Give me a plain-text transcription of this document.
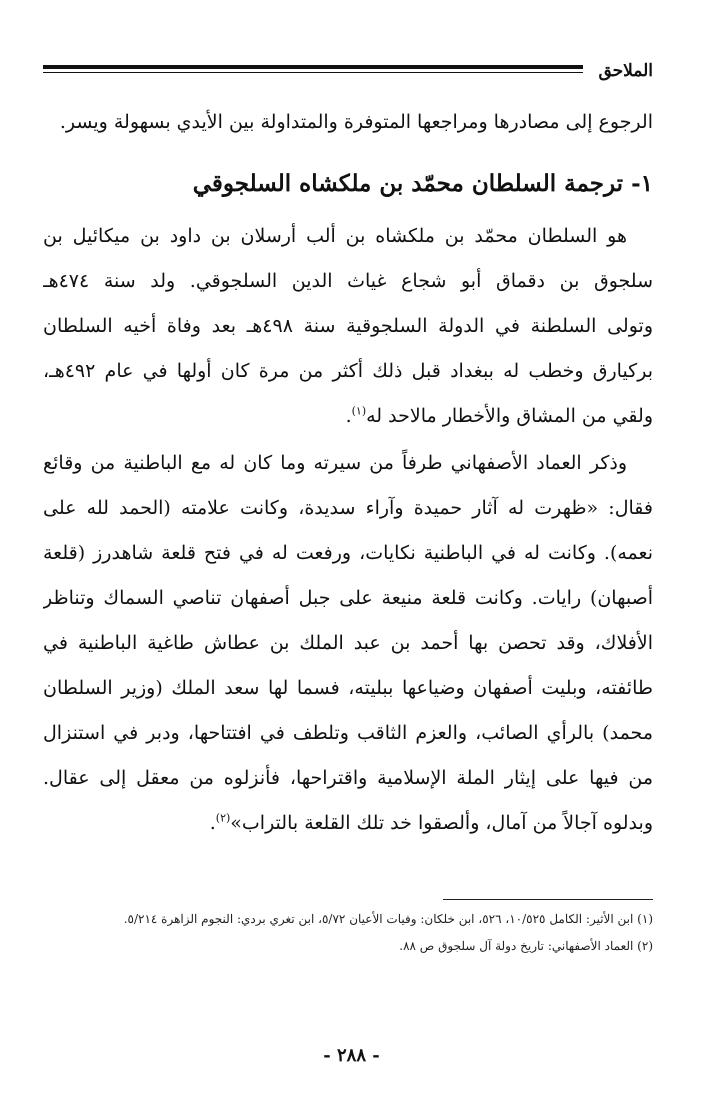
الملاحق
الرجوع إلى مصادرها ومراجعها المتوفرة والمتداولة بين الأيدي بسهولة ويسر.
١- ترجمة السلطان محمّد بن ملكشاه السلجوقي
هو السلطان محمّد بن ملكشاه بن ألب أرسلان بن داود بن ميكائيل بن
سلجوق بن دقماق أبو شجاع غياث الدين السلجوقي. ولد سنة ٤٧٤هـ
وتولى السلطنة في الدولة السلجوقية سنة ٤٩٨هـ بعد وفاة أخيه السلطان
بركيارق وخطب له ببغداد قبل ذلك أكثر من مرة كان أولها في عام ٤٩٢هـ،
ولقي من المشاق والأخطار مالاحد له$^{(١)}$.
وذكر العماد الأصفهاني طرفاً من سيرته وما كان له مع الباطنية من وقائع
فقال: «ظهرت له آثار حميدة وآراء سديدة، وكانت علامته (الحمد لله على
نعمه). وكانت له في الباطنية نكايات، ورفعت له في فتح قلعة شاهدرز (قلعة
أصبهان) رايات. وكانت قلعة منيعة على جبل أصفهان تناصي السماك وتناظر
الأفلاك، وقد تحصن بها أحمد بن عبد الملك بن عطاش طاغية الباطنية في
طائفته، وبليت أصفهان وضياعها ببليته، فسما لها سعد الملك (وزير السلطان
محمد) بالرأي الصائب، والعزم الثاقب وتلطف في افتتاحها، ودبر في استنزال
من فيها على إيثار الملة الإسلامية واقتراحها، فأنزلوه من معقل إلى عقال.
وبدلوه آجالاً من آمال، وألصقوا خد تلك القلعة بالتراب»$^{(٢)}$.
(١) ابن الأثير: الكامل ١٠/٥٢٥، ٥٢٦، ابن خلكان: وفيات الأعيان ٥/٧٢، ابن تغري بردي: النجوم الزاهرة ٥/٢١٤.
(٢) العماد الأصفهاني: تاريخ دولة آل سلجوق ص ٨٨.
- ٢٨٨ -
